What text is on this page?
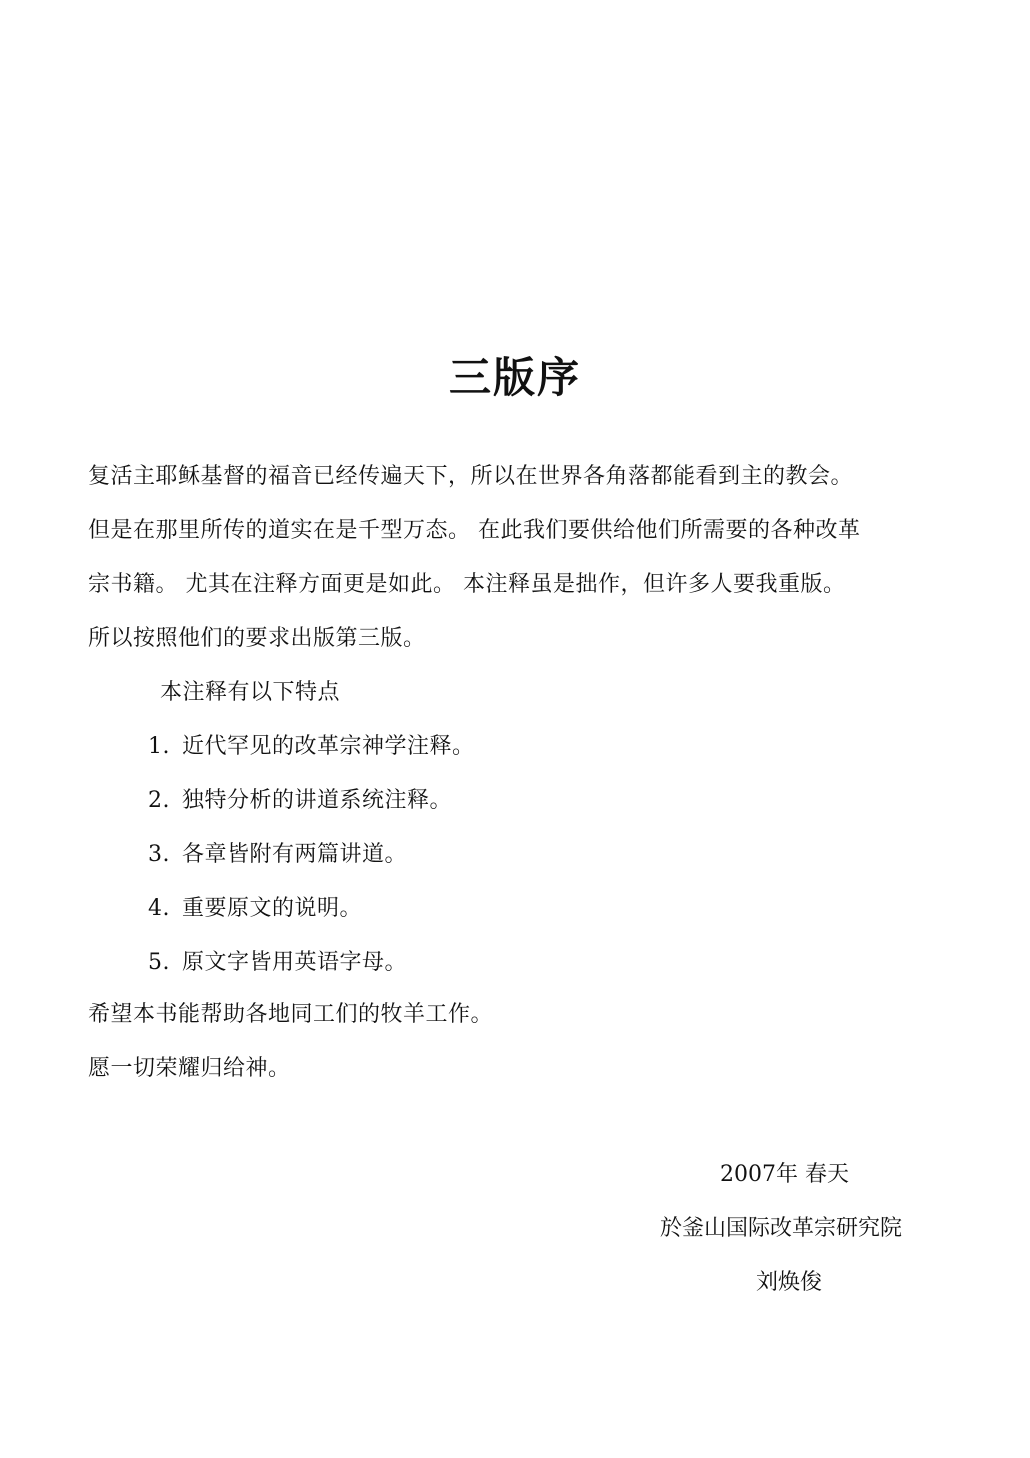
三版序
复活主耶稣基督的福音已经传遍天下，所以在世界各角落都能看到主的教会。
但是在那里所传的道实在是千型万态。 在此我们要供给他们所需要的各种改革
宗书籍。 尤其在注释方面更是如此。 本注释虽是拙作，但许多人要我重版。
所以按照他们的要求出版第三版。
本注释有以下特点
1. 近代罕见的改革宗神学注释。
2. 独特分析的讲道系统注释。
3. 各章皆附有两篇讲道。
4. 重要原文的说明。
5. 原文字皆用英语字母。
希望本书能帮助各地同工们的牧羊工作。
愿一切荣耀归给神。
2007年 春天
於釜山国际改革宗研究院
刘焕俊
